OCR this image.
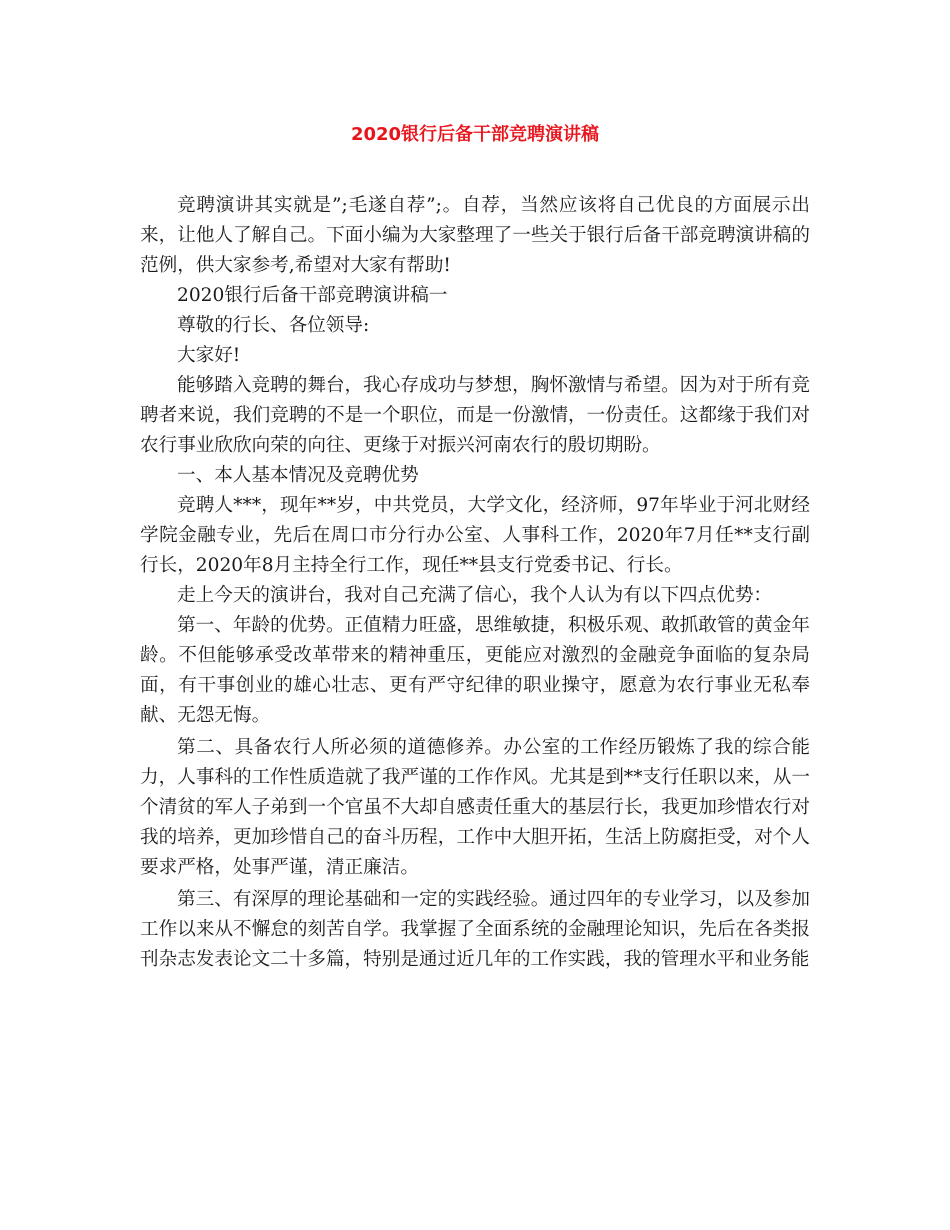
2020银行后备干部竞聘演讲稿

竞聘演讲其实就是”;毛遂自荐”;。自荐，当然应该将自己优良的方面展示出来，让他人了解自己。下面小编为大家整理了一些关于银行后备干部竞聘演讲稿的范例，供大家参考,希望对大家有帮助!

2020银行后备干部竞聘演讲稿一

尊敬的行长、各位领导:

大家好!

能够踏入竞聘的舞台，我心存成功与梦想，胸怀激情与希望。因为对于所有竞聘者来说，我们竞聘的不是一个职位，而是一份激情，一份责任。这都缘于我们对农行事业欣欣向荣的向往、更缘于对振兴河南农行的殷切期盼。

一、本人基本情况及竞聘优势

竞聘人***，现年**岁，中共党员，大学文化，经济师，97年毕业于河北财经学院金融专业，先后在周口市分行办公室、人事科工作，2020年7月任**支行副行长，2020年8月主持全行工作，现任**县支行党委书记、行长。

走上今天的演讲台，我对自己充满了信心，我个人认为有以下四点优势：

第一、年龄的优势。正值精力旺盛，思维敏捷，积极乐观、敢抓敢管的黄金年龄。不但能够承受改革带来的精神重压，更能应对激烈的金融竞争面临的复杂局面，有干事创业的雄心壮志、更有严守纪律的职业操守，愿意为农行事业无私奉献、无怨无悔。

第二、具备农行人所必须的道德修养。办公室的工作经历锻炼了我的综合能力，人事科的工作性质造就了我严谨的工作作风。尤其是到**支行任职以来，从一个清贫的军人子弟到一个官虽不大却自感责任重大的基层行长，我更加珍惜农行对我的培养，更加珍惜自己的奋斗历程，工作中大胆开拓，生活上防腐拒受，对个人要求严格，处事严谨，清正廉洁。

第三、有深厚的理论基础和一定的实践经验。通过四年的专业学习，以及参加工作以来从不懈怠的刻苦自学。我掌握了全面系统的金融理论知识，先后在各类报刊杂志发表论文二十多篇，特别是通过近几年的工作实践，我的管理水平和业务能
